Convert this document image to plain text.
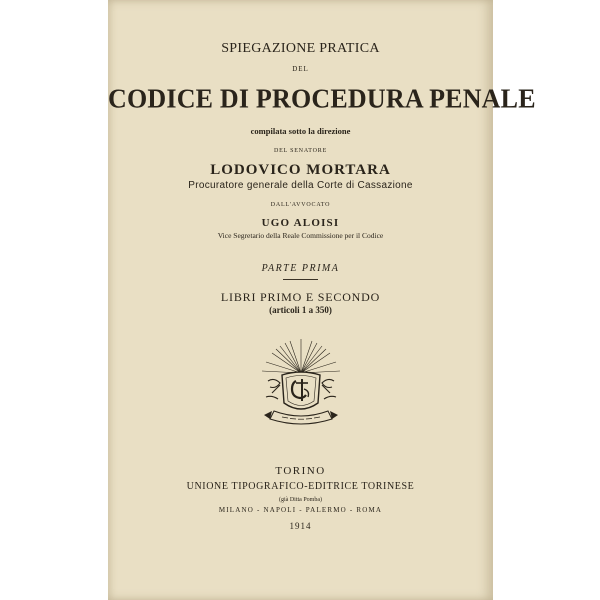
SPIEGAZIONE PRATICA
DEL
CODICE DI PROCEDURA PENALE
compilata sotto la direzione
DEL SENATORE
LODOVICO MORTARA
Procuratore generale della Corte di Cassazione
DALL'AVVOCATO
UGO ALOISI
Vice Segretario della Reale Commissione per il Codice
PARTE PRIMA
LIBRI PRIMO E SECONDO
(articoli 1 a 350)
TORINO
UNIONE TIPOGRAFICO-EDITRICE TORINESE
(già Ditta Pomba)
MILANO - NAPOLI - PALERMO - ROMA
1914
